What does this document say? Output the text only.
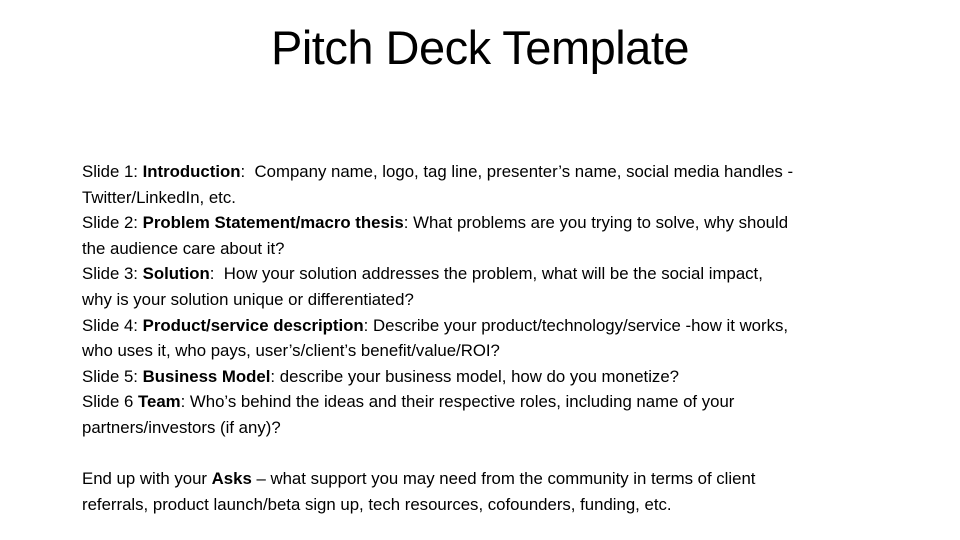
Pitch Deck Template
Slide 1: Introduction:  Company name, logo, tag line, presenter’s name, social media handles -
Twitter/LinkedIn, etc.
Slide 2: Problem Statement/macro thesis: What problems are you trying to solve, why should
the audience care about it?
Slide 3: Solution:  How your solution addresses the problem, what will be the social impact,
why is your solution unique or differentiated?
Slide 4: Product/service description: Describe your product/technology/service -how it works,
who uses it, who pays, user’s/client’s benefit/value/ROI?
Slide 5: Business Model: describe your business model, how do you monetize?
Slide 6 Team: Who’s behind the ideas and their respective roles, including name of your
partners/investors (if any)?
End up with your Asks – what support you may need from the community in terms of client
referrals, product launch/beta sign up, tech resources, cofounders, funding, etc.
